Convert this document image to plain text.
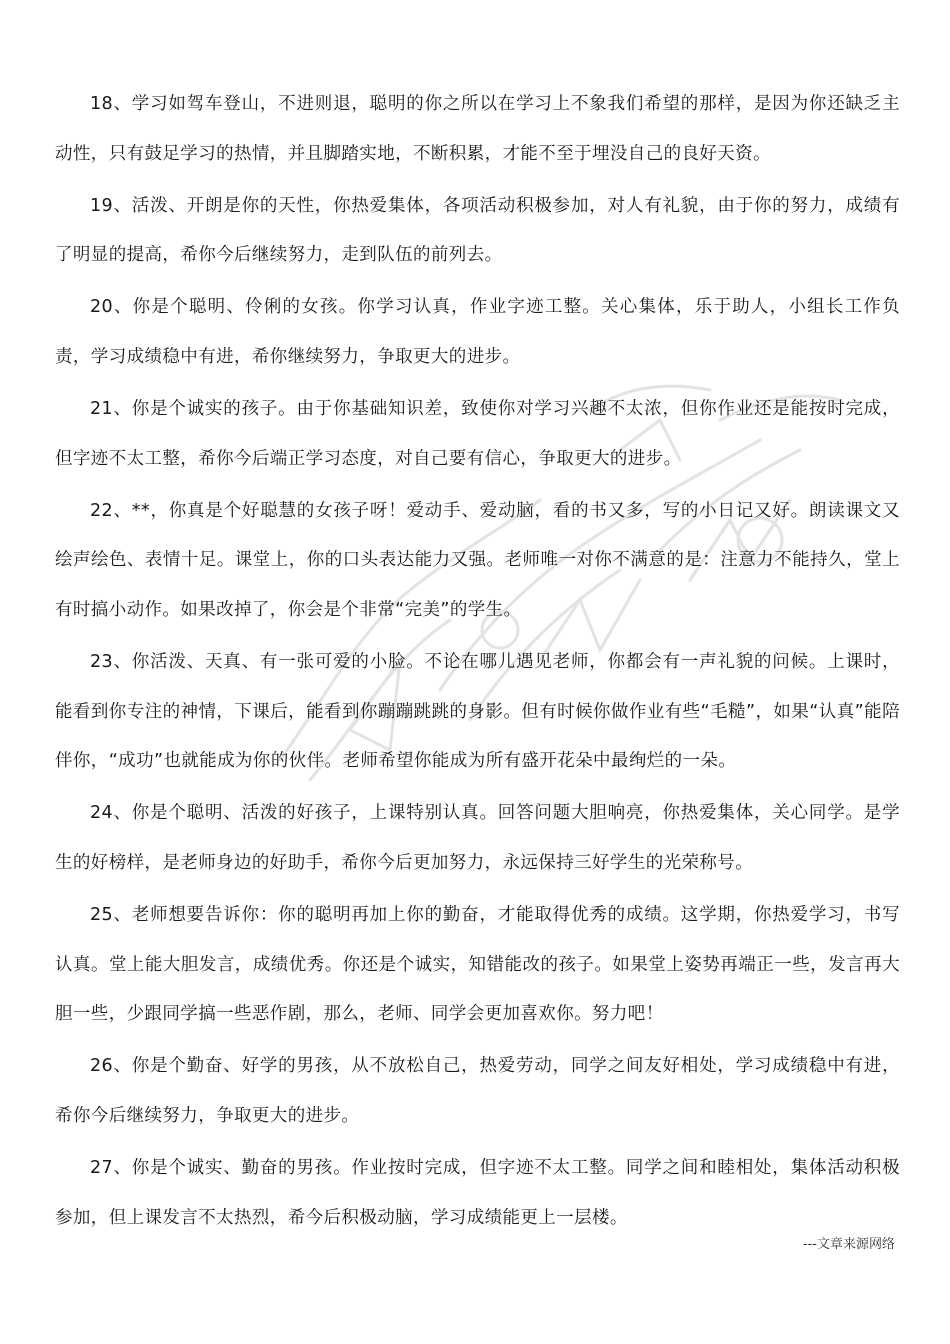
18、学习如驾车登山，不进则退，聪明的你之所以在学习上不象我们希望的那样，是因为你还缺乏主动性，只有鼓足学习的热情，并且脚踏实地，不断积累，才能不至于埋没自己的良好天资。

19、活泼、开朗是你的天性，你热爱集体，各项活动积极参加，对人有礼貌，由于你的努力，成绩有了明显的提高，希你今后继续努力，走到队伍的前列去。

20、你是个聪明、伶俐的女孩。你学习认真，作业字迹工整。关心集体，乐于助人，小组长工作负责，学习成绩稳中有进，希你继续努力，争取更大的进步。

21、你是个诚实的孩子。由于你基础知识差，致使你对学习兴趣不太浓，但你作业还是能按时完成，但字迹不太工整，希你今后端正学习态度，对自己要有信心，争取更大的进步。

22、**，你真是个好聪慧的女孩子呀！爱动手、爱动脑，看的书又多，写的小日记又好。朗读课文又绘声绘色、表情十足。课堂上，你的口头表达能力又强。老师唯一对你不满意的是：注意力不能持久，堂上有时搞小动作。如果改掉了，你会是个非常“完美”的学生。

23、你活泼、天真、有一张可爱的小脸。不论在哪儿遇见老师，你都会有一声礼貌的问候。上课时，能看到你专注的神情，下课后，能看到你蹦蹦跳跳的身影。但有时候你做作业有些“毛糙”，如果“认真”能陪伴你，“成功”也就能成为你的伙伴。老师希望你能成为所有盛开花朵中最绚烂的一朵。

24、你是个聪明、活泼的好孩子，上课特别认真。回答问题大胆响亮，你热爱集体，关心同学。是学生的好榜样，是老师身边的好助手，希你今后更加努力，永远保持三好学生的光荣称号。

25、老师想要告诉你：你的聪明再加上你的勤奋，才能取得优秀的成绩。这学期，你热爱学习，书写认真。堂上能大胆发言，成绩优秀。你还是个诚实，知错能改的孩子。如果堂上姿势再端正一些，发言再大胆一些，少跟同学搞一些恶作剧，那么，老师、同学会更加喜欢你。努力吧！

26、你是个勤奋、好学的男孩，从不放松自己，热爱劳动，同学之间友好相处，学习成绩稳中有进，希你今后继续努力，争取更大的进步。

27、你是个诚实、勤奋的男孩。作业按时完成，但字迹不太工整。同学之间和睦相处，集体活动积极参加，但上课发言不太热烈，希今后积极动脑，学习成绩能更上一层楼。

---文章来源网络
